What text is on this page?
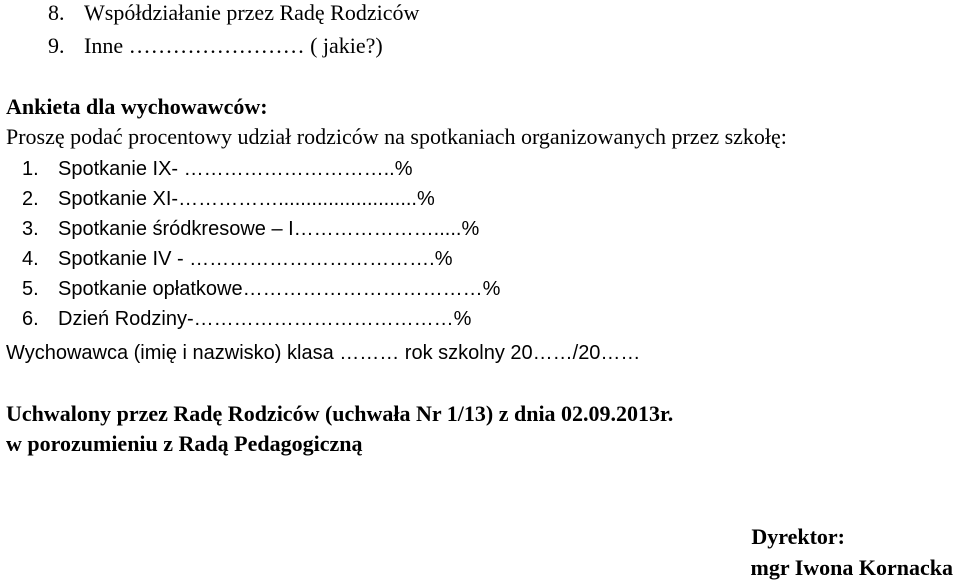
8. Współdziałanie przez Radę Rodziców
9. Inne …………………… ( jakie?)
Ankieta dla wychowawców:
Proszę podać procentowy udział rodziców na spotkaniach organizowanych przez szkołę:
1. Spotkanie IX- …………………………..%
2. Spotkanie XI-…………….........................%
3. Spotkanie śródkresowe – I………………….....%
4. Spotkanie IV - ……………………………….%
5. Spotkanie opłatkowe………………………………%
6. Dzień Rodziny-…………………………………%
Wychowawca (imię i nazwisko) klasa ……… rok szkolny 20……/20……
Uchwalony przez Radę Rodziców (uchwała Nr 1/13) z dnia 02.09.2013r.
w porozumieniu z Radą Pedagogiczną
Dyrektor:
mgr Iwona Kornacka
